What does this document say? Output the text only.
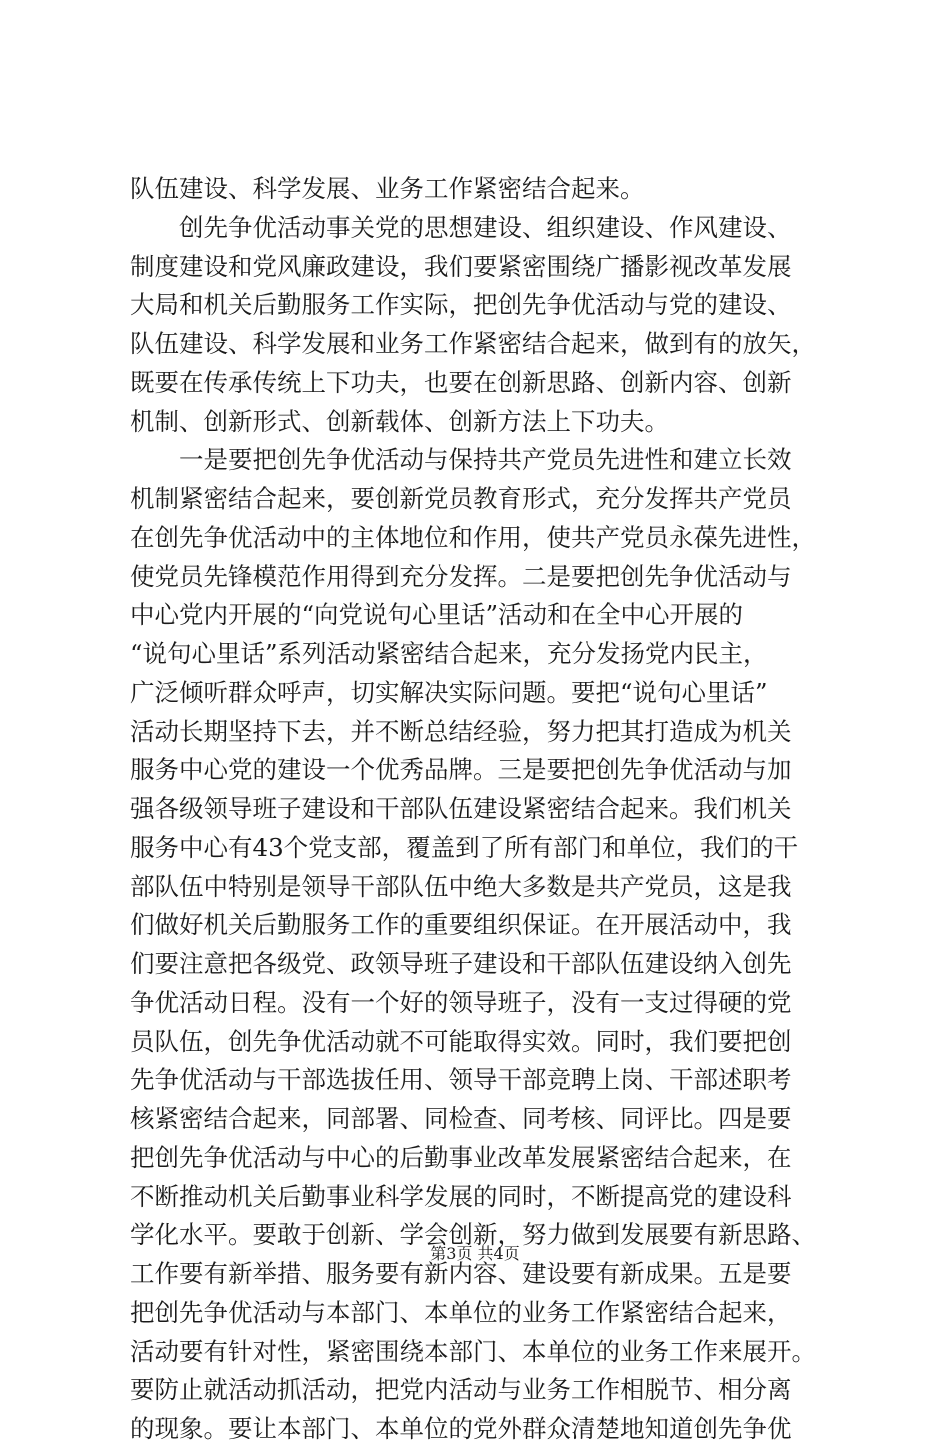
队伍建设、科学发展、业务工作紧密结合起来。
　　创先争优活动事关党的思想建设、组织建设、作风建设、
制度建设和党风廉政建设，我们要紧密围绕广播影视改革发展
大局和机关后勤服务工作实际，把创先争优活动与党的建设、
队伍建设、科学发展和业务工作紧密结合起来，做到有的放矢，
既要在传承传统上下功夫，也要在创新思路、创新内容、创新
机制、创新形式、创新载体、创新方法上下功夫。
　　一是要把创先争优活动与保持共产党员先进性和建立长效
机制紧密结合起来，要创新党员教育形式，充分发挥共产党员
在创先争优活动中的主体地位和作用，使共产党员永葆先进性，
使党员先锋模范作用得到充分发挥。二是要把创先争优活动与
中心党内开展的“向党说句心里话”活动和在全中心开展的
“说句心里话”系列活动紧密结合起来，充分发扬党内民主，
广泛倾听群众呼声，切实解决实际问题。要把“说句心里话”
活动长期坚持下去，并不断总结经验，努力把其打造成为机关
服务中心党的建设一个优秀品牌。三是要把创先争优活动与加
强各级领导班子建设和干部队伍建设紧密结合起来。我们机关
服务中心有43个党支部，覆盖到了所有部门和单位，我们的干
部队伍中特别是领导干部队伍中绝大多数是共产党员，这是我
们做好机关后勤服务工作的重要组织保证。在开展活动中，我
们要注意把各级党、政领导班子建设和干部队伍建设纳入创先
争优活动日程。没有一个好的领导班子，没有一支过得硬的党
员队伍，创先争优活动就不可能取得实效。同时，我们要把创
先争优活动与干部选拔任用、领导干部竞聘上岗、干部述职考
核紧密结合起来，同部署、同检查、同考核、同评比。四是要
把创先争优活动与中心的后勤事业改革发展紧密结合起来，在
不断推动机关后勤事业科学发展的同时，不断提高党的建设科
学化水平。要敢于创新、学会创新，努力做到发展要有新思路、
工作要有新举措、服务要有新内容、建设要有新成果。五是要
把创先争优活动与本部门、本单位的业务工作紧密结合起来，
活动要有针对性，紧密围绕本部门、本单位的业务工作来展开。
要防止就活动抓活动，把党内活动与业务工作相脱节、相分离
的现象。要让本部门、本单位的党外群众清楚地知道创先争优
第3页 共4页
